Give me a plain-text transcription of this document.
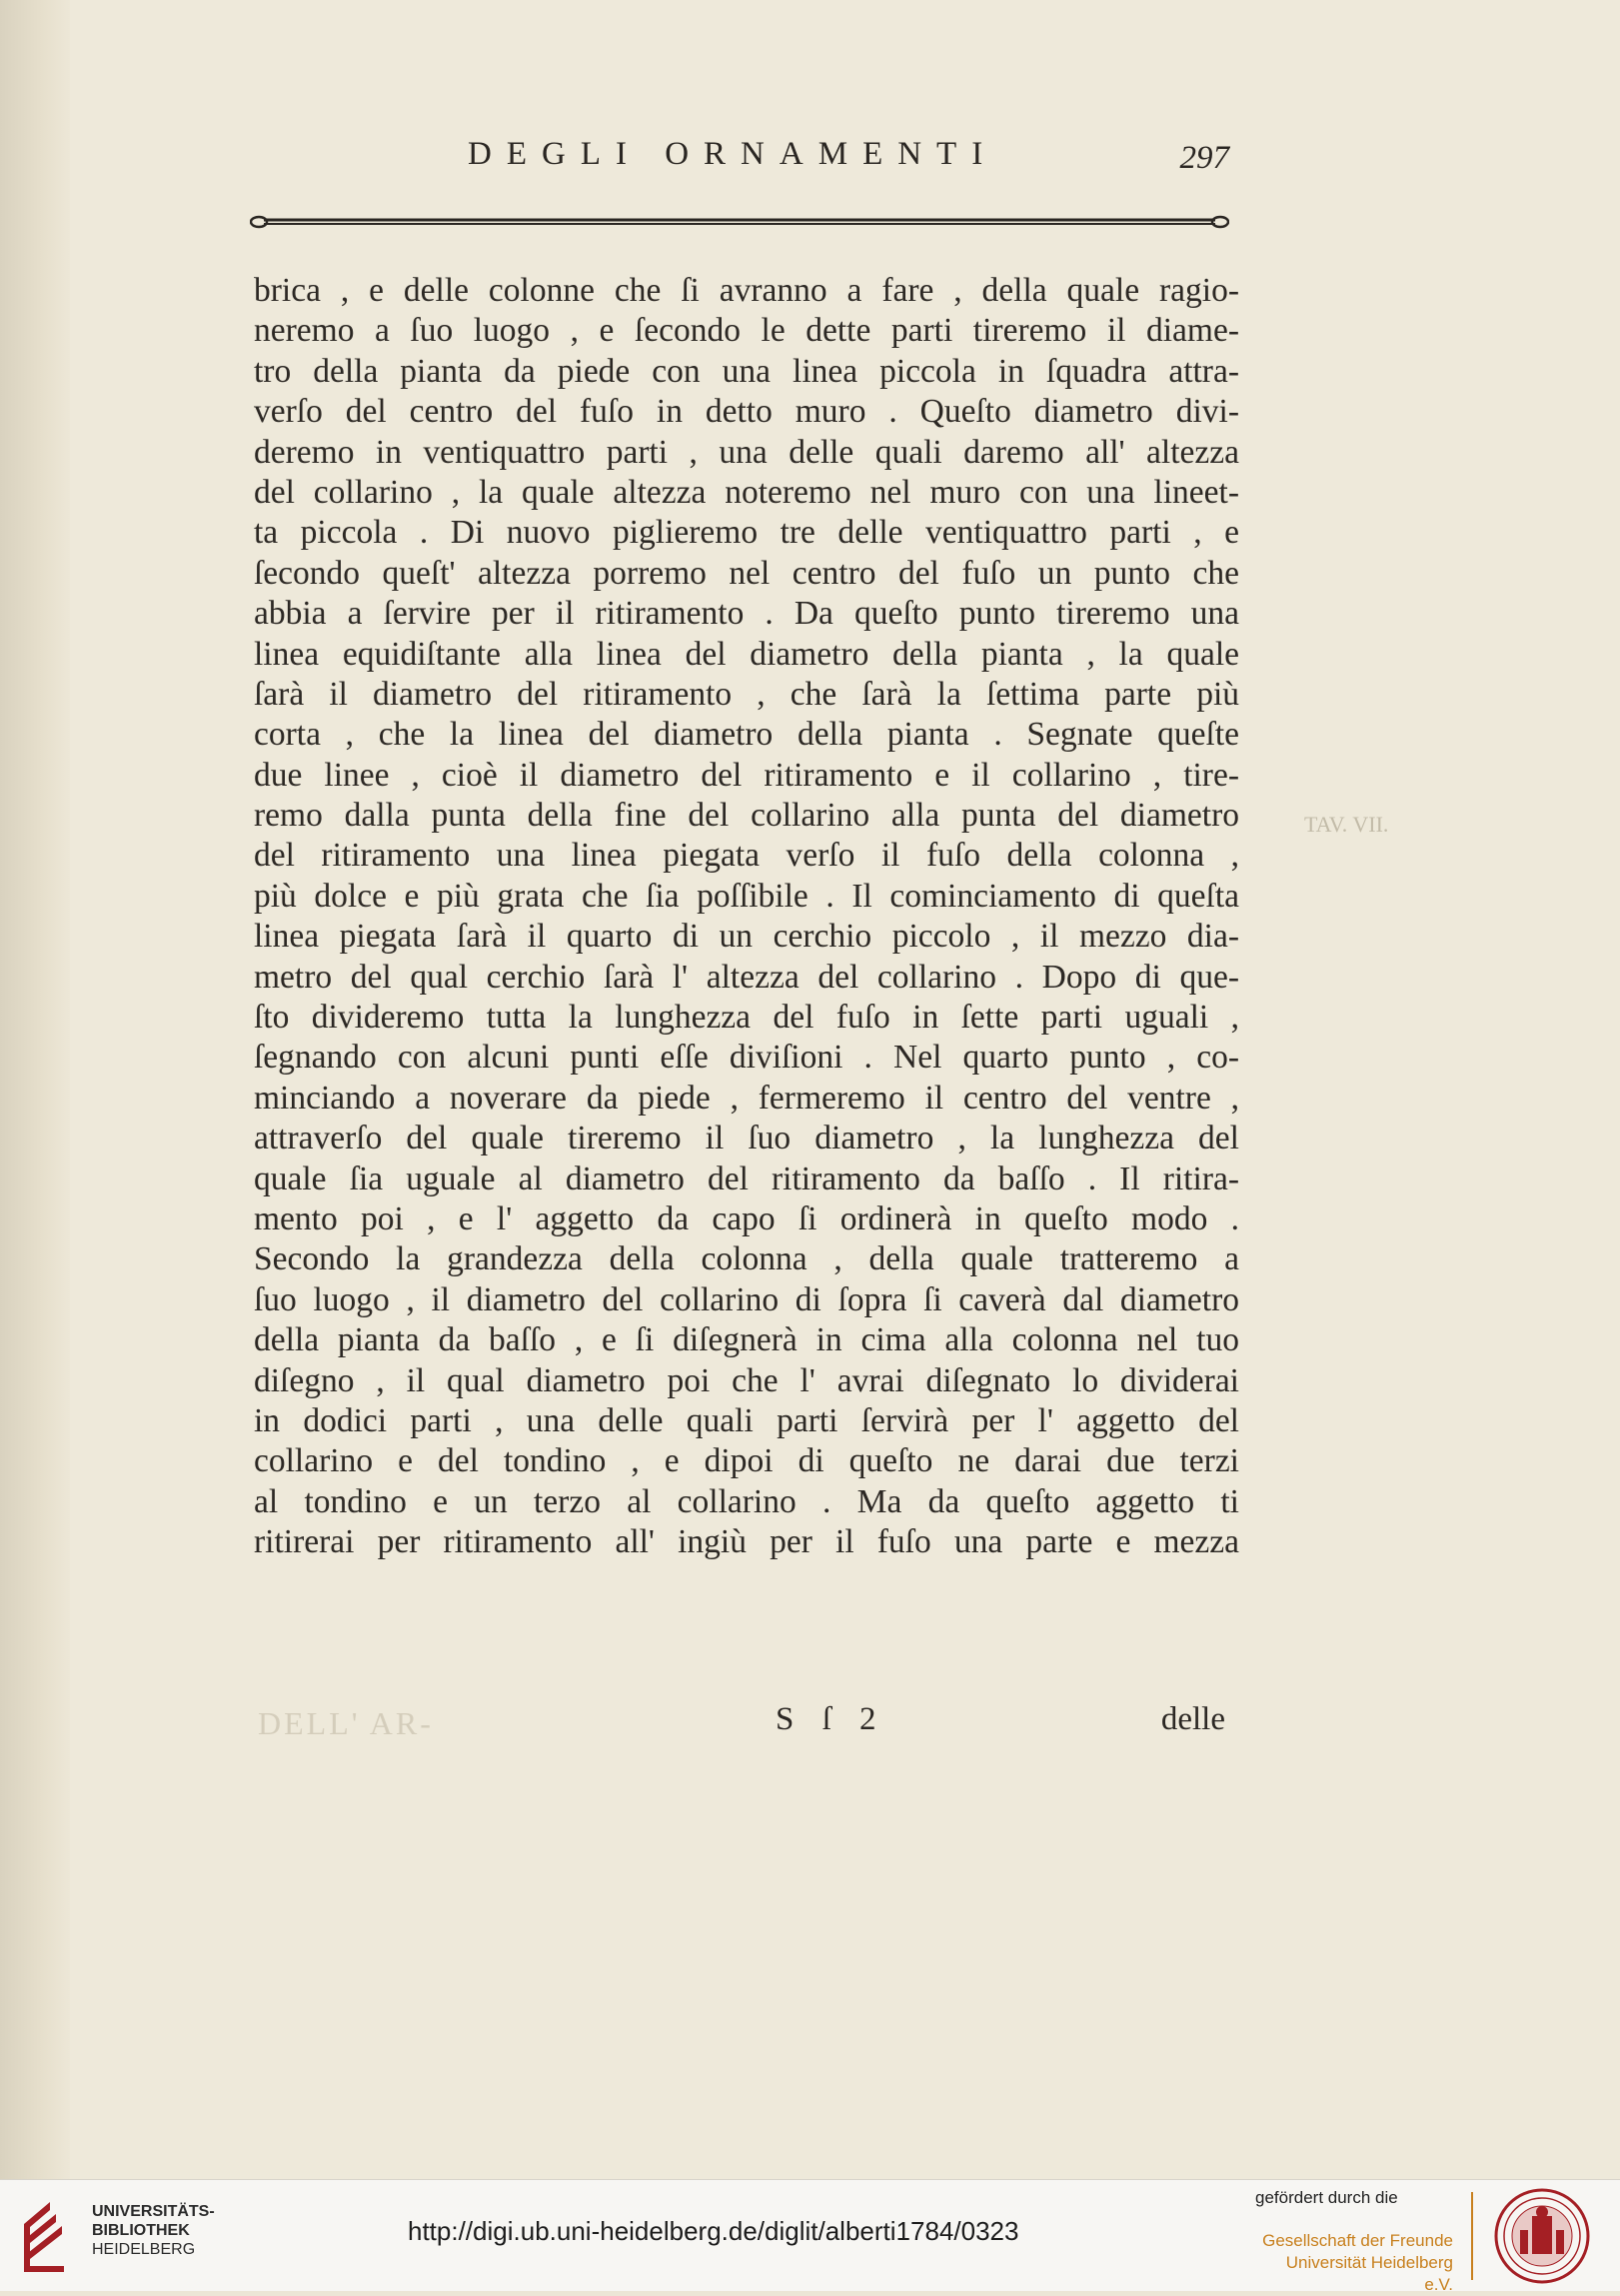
DEGLI ORNAMENTI	297
brica , e delle colonne che ſi avranno a fare , della quale ragio-
neremo a ſuo luogo , e ſecondo le dette parti tireremo il diame-
tro della pianta da piede con una linea piccola in ſquadra attra-
verſo del centro del fuſo in detto muro . Queſto diametro divi-
deremo in ventiquattro parti , una delle quali daremo all' altezza
del collarino , la quale altezza noteremo nel muro con una lineet-
ta piccola . Di nuovo piglieremo tre delle ventiquattro parti , e
ſecondo queſt' altezza porremo nel centro del fuſo un punto che
abbia a ſervire per il ritiramento . Da queſto punto tireremo una
linea equidiſtante alla linea del diametro della pianta , la quale
ſarà il diametro del ritiramento , che ſarà la ſettima parte più
corta , che la linea del diametro della pianta . Segnate queſte
due linee , cioè il diametro del ritiramento e il collarino , tire-
remo dalla punta della fine del collarino alla punta del diametro
del ritiramento una linea piegata verſo il fuſo della colonna ,
più dolce e più grata che ſia poſſibile . Il cominciamento di queſta
linea piegata ſarà il quarto di un cerchio piccolo , il mezzo dia-
metro del qual cerchio ſarà l' altezza del collarino . Dopo di que-
ſto divideremo tutta la lunghezza del fuſo in ſette parti uguali ,
ſegnando con alcuni punti eſſe diviſioni . Nel quarto punto , co-
minciando a noverare da piede , fermeremo il centro del ventre ,
attraverſo del quale tireremo il ſuo diametro , la lunghezza del
quale ſia uguale al diametro del ritiramento da baſſo . Il ritira-
mento poi , e l' aggetto da capo ſi ordinerà in queſto modo .
Secondo la grandezza della colonna , della quale tratteremo a
ſuo luogo , il diametro del collarino di ſopra ſi caverà dal diametro
della pianta da baſſo , e ſi diſegnerà in cima alla colonna nel tuo
diſegno , il qual diametro poi che l' avrai diſegnato lo dividerai
in dodici parti , una delle quali parti ſervirà per l' aggetto del
collarino e del tondino , e dipoi di queſto ne darai due terzi
al tondino e un terzo al collarino . Ma da queſto aggetto ti
ritirerai per ritiramento all' ingiù per il fuſo una parte e mezza
S ſ 2	delle
TAV. VII.
DELL' AR-
UNIVERSITÄTS-
BIBLIOTHEK
HEIDELBERG
http://digi.ub.uni-heidelberg.de/diglit/alberti1784/0323
gefördert durch die
Gesellschaft der Freunde
Universität Heidelberg e.V.
